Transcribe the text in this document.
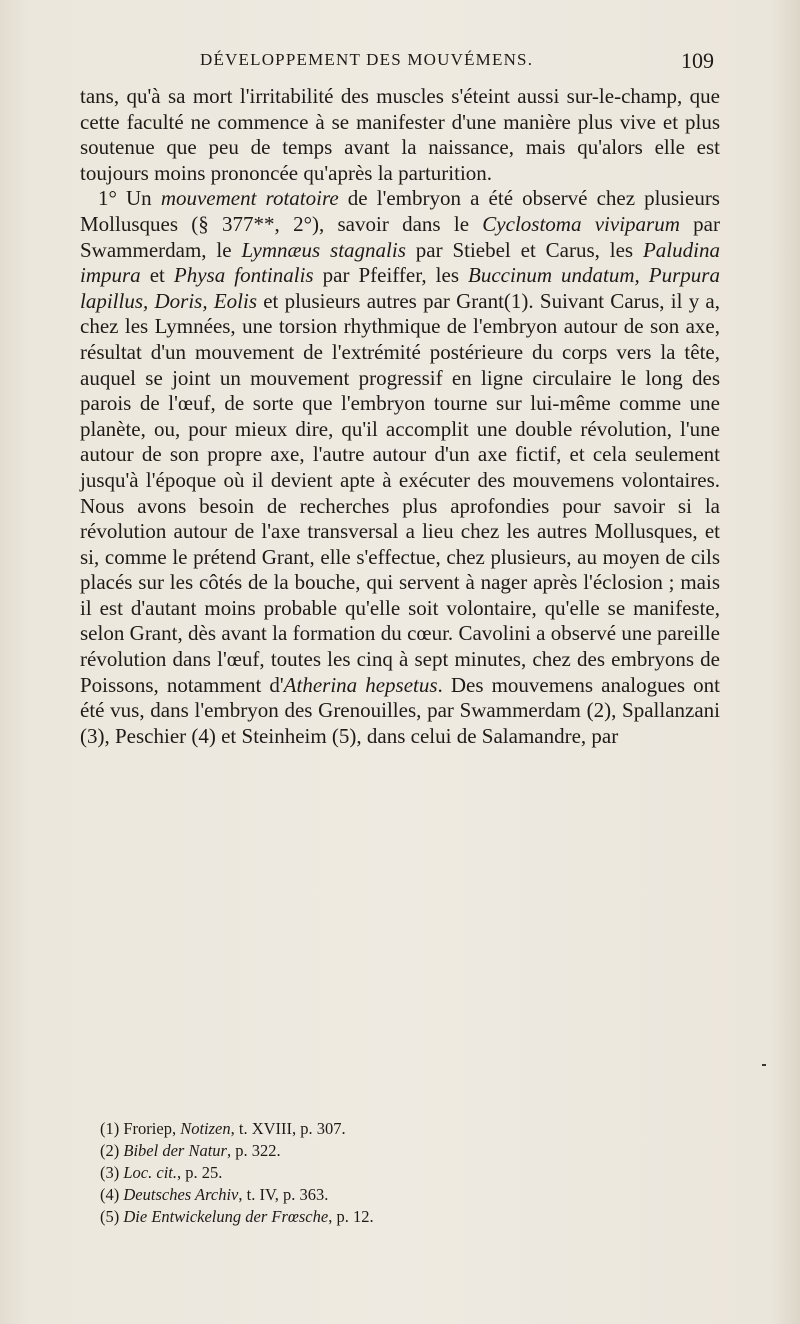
DÉVELOPPEMENT DES MOUVÉMENS.	109

tans, qu'à sa mort l'irritabilité des muscles s'éteint aussi sur-le-champ, que cette faculté ne commence à se manifester d'une manière plus vive et plus soutenue que peu de temps avant la naissance, mais qu'alors elle est toujours moins prononcée qu'après la parturition.

1° Un mouvement rotatoire de l'embryon a été observé chez plusieurs Mollusques (§ 377**, 2°), savoir dans le Cyclostoma viviparum par Swammerdam, le Lymnæus stagnalis par Stiebel et Carus, les Paludina impura et Physa fontinalis par Pfeiffer, les Buccinum undatum, Purpura lapillus, Doris, Eolis et plusieurs autres par Grant(1). Suivant Carus, il y a, chez les Lymnées, une torsion rhythmique de l'embryon autour de son axe, résultat d'un mouvement de l'extrémité postérieure du corps vers la tête, auquel se joint un mouvement progressif en ligne circulaire le long des parois de l'œuf, de sorte que l'embryon tourne sur lui-même comme une planète, ou, pour mieux dire, qu'il accomplit une double révolution, l'une autour de son propre axe, l'autre autour d'un axe fictif, et cela seulement jusqu'à l'époque où il devient apte à exécuter des mouvemens volontaires. Nous avons besoin de recherches plus aprofondies pour savoir si la révolution autour de l'axe transversal a lieu chez les autres Mollusques, et si, comme le prétend Grant, elle s'effectue, chez plusieurs, au moyen de cils placés sur les côtés de la bouche, qui servent à nager après l'éclosion ; mais il est d'autant moins probable qu'elle soit volontaire, qu'elle se manifeste, selon Grant, dès avant la formation du cœur. Cavolini a observé une pareille révolution dans l'œuf, toutes les cinq à sept minutes, chez des embryons de Poissons, notamment d'Atherina hepsetus. Des mouvemens analogues ont été vus, dans l'embryon des Grenouilles, par Swammerdam (2), Spallanzani (3), Peschier (4) et Steinheim (5), dans celui de Salamandre, par

(1) Froriep, Notizen, t. XVIII, p. 307.
(2) Bibel der Natur, p. 322.
(3) Loc. cit., p. 25.
(4) Deutsches Archiv, t. IV, p. 363.
(5) Die Entwickelung der Frœsche, p. 12.
